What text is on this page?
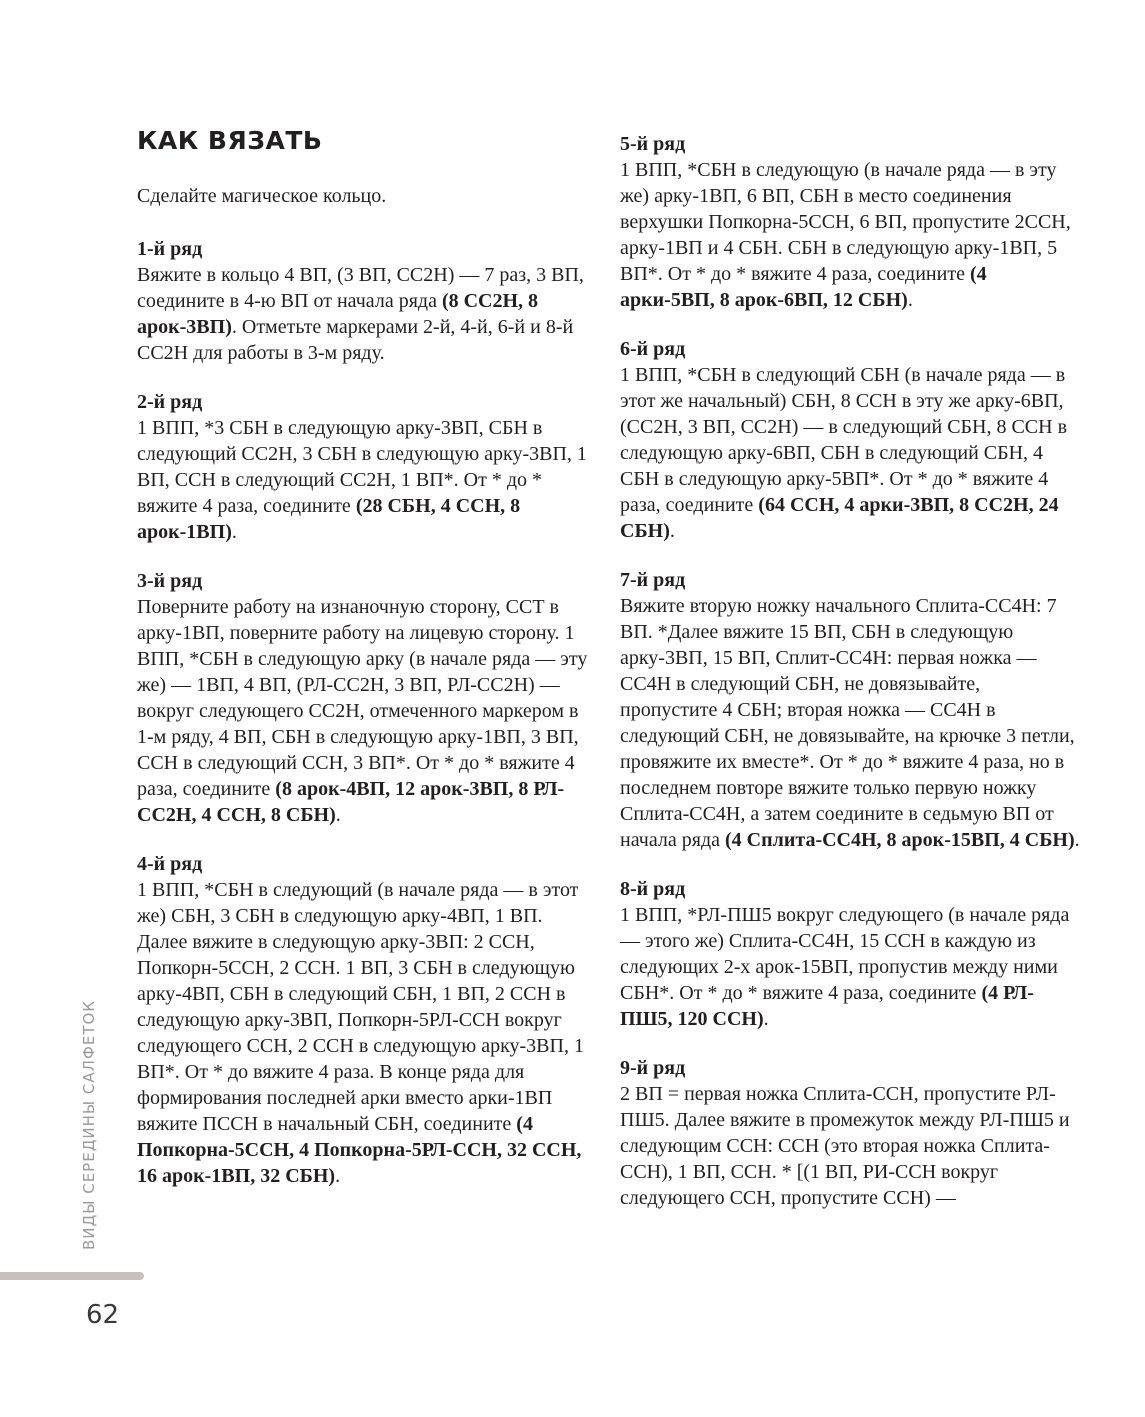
КАК ВЯЗАТЬ

Сделайте магическое кольцо.

1-й ряд

Вяжите в кольцо 4 ВП, (3 ВП, СС2Н) — 7 раз, 3 ВП, соедините в 4-ю ВП от начала ряда (8 СС2Н, 8 арок-3ВП). Отметьте маркерами 2-й, 4-й, 6-й и 8-й СС2Н для работы в 3-м ряду.

2-й ряд

1 ВПП, *3 СБН в следующую арку-3ВП, СБН в следующий СС2Н, 3 СБН в следующую арку-3ВП, 1 ВП, ССН в следующий СС2Н, 1 ВП*. От * до * вяжите 4 раза, соедините (28 СБН, 4 ССН, 8 арок-1ВП).

3-й ряд

Поверните работу на изнаночную сторону, ССТ в арку-1ВП, поверните работу на лицевую сторону. 1 ВПП, *СБН в следующую арку (в начале ряда — эту же) — 1ВП, 4 ВП, (РЛ-СС2Н, 3 ВП, РЛ-СС2Н) — вокруг следующего СС2Н, отмеченного маркером в 1-м ряду, 4 ВП, СБН в следующую арку-1ВП, 3 ВП, ССН в следующий ССН, 3 ВП*. От * до * вяжите 4 раза, соедините (8 арок-4ВП, 12 арок-3ВП, 8 РЛ-СС2Н, 4 ССН, 8 СБН).

4-й ряд

1 ВПП, *СБН в следующий (в начале ряда — в этот же) СБН, 3 СБН в следующую арку-4ВП, 1 ВП. Далее вяжите в следующую арку-3ВП: 2 ССН, Попкорн-5ССН, 2 ССН. 1 ВП, 3 СБН в следующую арку-4ВП, СБН в следующий СБН, 1 ВП, 2 ССН в следующую арку-3ВП, Попкорн-5РЛ-ССН вокруг следующего ССН, 2 ССН в следующую арку-3ВП, 1 ВП*. От * до вяжите 4 раза. В конце ряда для формирования последней арки вместо арки-1ВП вяжите ПССН в начальный СБН, соедините (4 Попкорна-5ССН, 4 Попкорна-5РЛ-ССН, 32 ССН, 16 арок-1ВП, 32 СБН).

5-й ряд

1 ВПП, *СБН в следующую (в начале ряда — в эту же) арку-1ВП, 6 ВП, СБН в место соединения верхушки Попкорна-5ССН, 6 ВП, пропустите 2ССН, арку-1ВП и 4 СБН. СБН в следующую арку-1ВП, 5 ВП*. От * до * вяжите 4 раза, соедините (4 арки-5ВП, 8 арок-6ВП, 12 СБН).

6-й ряд

1 ВПП, *СБН в следующий СБН (в начале ряда — в этот же начальный) СБН, 8 ССН в эту же арку-6ВП, (СС2Н, 3 ВП, СС2Н) — в следующий СБН, 8 ССН в следующую арку-6ВП, СБН в следующий СБН, 4 СБН в следующую арку-5ВП*. От * до * вяжите 4 раза, соедините (64 ССН, 4 арки-3ВП, 8 СС2Н, 24 СБН).

7-й ряд

Вяжите вторую ножку начального Сплита-СС4Н: 7 ВП. *Далее вяжите 15 ВП, СБН в следующую арку-3ВП, 15 ВП, Сплит-СС4Н: первая ножка — СС4Н в следующий СБН, не довязывайте, пропустите 4 СБН; вторая ножка — СС4Н в следующий СБН, не довязывайте, на крючке 3 петли, провяжите их вместе*. От * до * вяжите 4 раза, но в последнем повторе вяжите только первую ножку Сплита-СС4Н, а затем соедините в седьмую ВП от начала ряда (4 Сплита-СС4Н, 8 арок-15ВП, 4 СБН).

8-й ряд

1 ВПП, *РЛ-ПШ5 вокруг следующего (в начале ряда — этого же) Сплита-СС4Н, 15 ССН в каждую из следующих 2-х арок-15ВП, пропустив между ними СБН*. От * до * вяжите 4 раза, соедините (4 РЛ-ПШ5, 120 ССН).

9-й ряд

2 ВП = первая ножка Сплита-ССН, пропустите РЛ-ПШ5. Далее вяжите в промежуток между РЛ-ПШ5 и следующим ССН: ССН (это вторая ножка Сплита-ССН), 1 ВП, ССН. * [(1 ВП, РИ-ССН вокруг следующего ССН, пропустите ССН) —

ВИДЫ СЕРЕДИНЫ САЛФЕТОК
62
